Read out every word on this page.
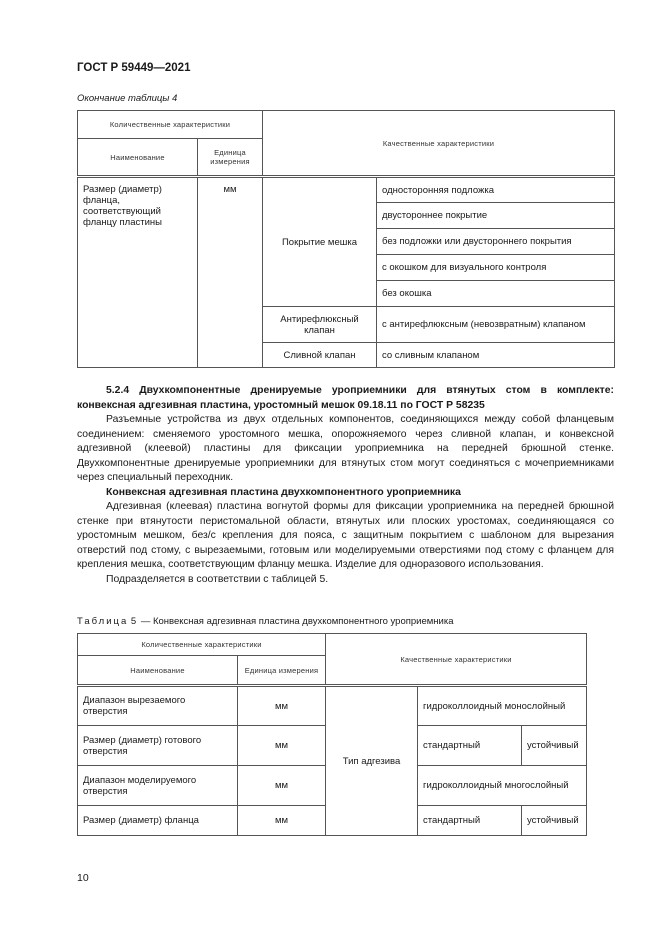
ГОСТ Р 59449—2021
Окончание таблицы 4
Количественные характеристики		Качественные характеристики	
Наименование	Единица измерения		
Размер (диаметр) фланца, соответствующий фланцу пластины	мм	Покрытие мешка	односторонняя подложка
			двустороннее покрытие
			без подложки или двустороннего покрытия
			с окошком для визуального контроля
			без окошка
		Антирефлюксный клапан	с антирефлюксным (невозвратным) клапаном
		Сливной клапан	со сливным клапаном

5.2.4 Двухкомпонентные дренируемые уроприемники для втянутых стом в комплекте: конвексная адгезивная пластина, уростомный мешок 09.18.11 по ГОСТ Р 58235

Разъемные устройства из двух отдельных компонентов, соединяющихся между собой фланцевым соединением: сменяемого уростомного мешка, опорожняемого через сливной клапан, и конвексной адгезивной (клеевой) пластины для фиксации уроприемника на передней брюшной стенке. Двухкомпонентные дренируемые уроприемники для втянутых стом могут соединяться с мочеприемниками через специальный переходник.

Конвексная адгезивная пластина двухкомпонентного уроприемника

Адгезивная (клеевая) пластина вогнутой формы для фиксации уроприемника на передней брюшной стенке при втянутости перистомальной области, втянутых или плоских уростомах, соединяющаяся со уростомным мешком, без/с крепления для пояса, с защитным покрытием с шаблоном для вырезания отверстий под стому, с вырезаемыми, готовым или моделируемыми отверстиями под стому с фланцем для крепления мешка, соответствующим фланцу мешка. Изделие для одноразового использования.

Подразделяется в соответствии с таблицей 5.

Таблица 5 — Конвексная адгезивная пластина двухкомпонентного уроприемника
Количественные характеристики		Качественные характеристики		
Наименование	Единица измерения			
Диапазон вырезаемого отверстия	мм	Тип адгезива	гидроколлоидный монослойный	
Размер (диаметр) готового отверстия	мм		стандартный	устойчивый
Диапазон моделируемого отверстия	мм		гидроколлоидный многослойный	
Размер (диаметр) фланца	мм		стандартный	устойчивый
10
